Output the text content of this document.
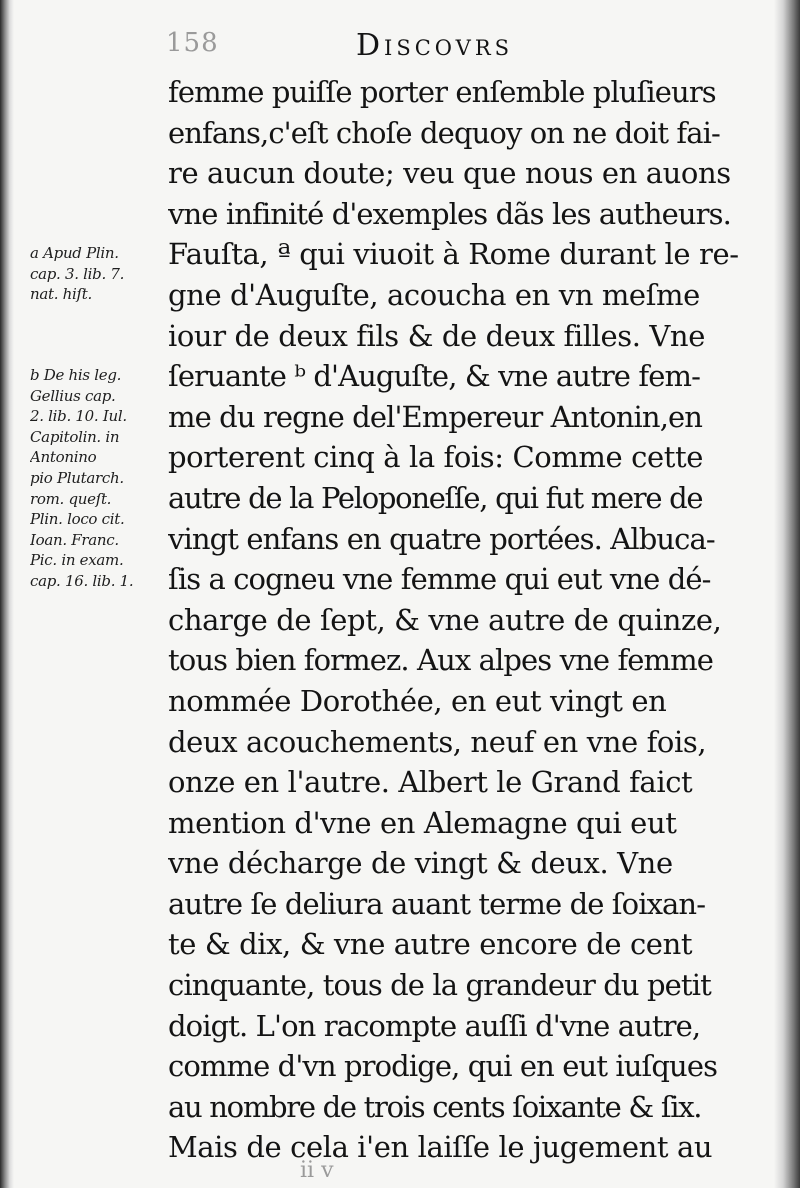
158	Discovrs
femme puiſſe porter enſemble pluſieurs
enfans,c'eſt choſe dequoy on ne doit fai-
re aucun doute; veu que nous en auons
vne infinité d'exemples dãs les autheurs.
Fauſta, ª qui viuoit à Rome durant le re-
gne d'Auguſte, acoucha en vn meſme
iour de deux fils & de deux filles. Vne
ſeruante ᵇ d'Auguſte, & vne autre fem-
me du regne del'Empereur Antonin,en
porterent cinq à la fois: Comme cette
autre de la Peloponeſſe, qui fut mere de
vingt enfans en quatre portées. Albuca-
ſis a cogneu vne femme qui eut vne dé-
charge de ſept, & vne autre de quinze,
tous bien formez. Aux alpes vne femme
nommée Dorothée, en eut vingt en
deux acouchements, neuf en vne fois,
onze en l'autre. Albert le Grand faict
mention d'vne en Alemagne qui eut
vne décharge de vingt & deux. Vne
autre ſe deliura auant terme de ſoixan-
te & dix, & vne autre encore de cent
cinquante, tous de la grandeur du petit
doigt. L'on racompte auſſi d'vne autre,
comme d'vn prodige, qui en eut iuſques
au nombre de trois cents ſoixante & ſix.
Mais de cela i'en laiſſe le jugement au
a Apud Plin.
cap. 3. lib. 7.
nat. hiſt.
b De his leg.
Gellius cap.
2. lib. 10. Iul.
Capitolin. in
Antonino
pio Plutarch.
rom. queſt.
Plin. loco cit.
Ioan. Franc.
Pic. in exam.
cap. 16. lib. 1.
ii v
